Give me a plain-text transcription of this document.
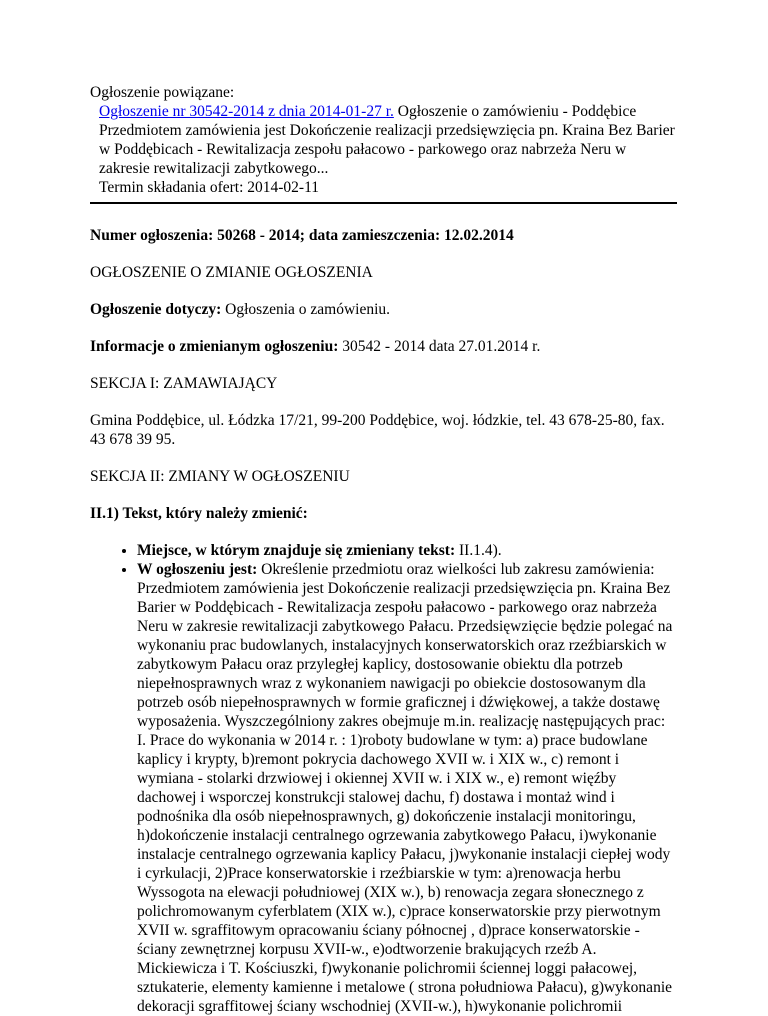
Ogłoszenie powiązane:
Ogłoszenie nr 30542-2014 z dnia 2014-01-27 r. Ogłoszenie o zamówieniu - Poddębice
Przedmiotem zamówienia jest Dokończenie realizacji przedsięwzięcia pn. Kraina Bez Barier w Poddębicach - Rewitalizacja zespołu pałacowo - parkowego oraz nabrzeża Neru w zakresie rewitalizacji zabytkowego...
Termin składania ofert: 2014-02-11

Numer ogłoszenia: 50268 - 2014; data zamieszczenia: 12.02.2014

OGŁOSZENIE O ZMIANIE OGŁOSZENIA

Ogłoszenie dotyczy: Ogłoszenia o zamówieniu.

Informacje o zmienianym ogłoszeniu: 30542 - 2014 data 27.01.2014 r.

SEKCJA I: ZAMAWIAJĄCY

Gmina Poddębice, ul. Łódzka 17/21, 99-200 Poddębice, woj. łódzkie, tel. 43 678-25-80, fax. 43 678 39 95.

SEKCJA II: ZMIANY W OGŁOSZENIU

II.1) Tekst, który należy zmienić:

• Miejsce, w którym znajduje się zmieniany tekst: II.1.4).
• W ogłoszeniu jest: Określenie przedmiotu oraz wielkości lub zakresu zamówienia: Przedmiotem zamówienia jest Dokończenie realizacji przedsięwzięcia pn. Kraina Bez Barier w Poddębicach - Rewitalizacja zespołu pałacowo - parkowego oraz nabrzeża Neru w zakresie rewitalizacji zabytkowego Pałacu. Przedsięwzięcie będzie polegać na wykonaniu prac budowlanych, instalacyjnych konserwatorskich oraz rzeźbiarskich w zabytkowym Pałacu oraz przyległej kaplicy, dostosowanie obiektu dla potrzeb niepełnosprawnych wraz z wykonaniem nawigacji po obiekcie dostosowanym dla potrzeb osób niepełnosprawnych w formie graficznej i dźwiękowej, a także dostawę wyposażenia. Wyszczególniony zakres obejmuje m.in. realizację następujących prac: I. Prace do wykonania w 2014 r. : 1)roboty budowlane w tym: a) prace budowlane kaplicy i krypty, b)remont pokrycia dachowego XVII w. i XIX w., c) remont i wymiana - stolarki drzwiowej i okiennej XVII w. i XIX w., e) remont więźby dachowej i wsporczej konstrukcji stalowej dachu, f) dostawa i montaż wind i podnośnika dla osób niepełnosprawnych, g) dokończenie instalacji monitoringu, h)dokończenie instalacji centralnego ogrzewania zabytkowego Pałacu, i)wykonanie instalacje centralnego ogrzewania kaplicy Pałacu, j)wykonanie instalacji ciepłej wody i cyrkulacji, 2)Prace konserwatorskie i rzeźbiarskie w tym: a)renowacja herbu Wyssogota na elewacji południowej (XIX w.), b) renowacja zegara słonecznego z polichromowanym cyferblatem (XIX w.), c)prace konserwatorskie przy pierwotnym XVII w. sgraffitowym opracowaniu ściany północnej , d)prace konserwatorskie - ściany zewnętrznej korpusu XVII-w., e)odtworzenie brakujących rzeźb A. Mickiewicza i T. Kościuszki, f)wykonanie polichromii ściennej loggi pałacowej, sztukaterie, elementy kamienne i metalowe ( strona południowa Pałacu), g)wykonanie dekoracji sgraffitowej ściany wschodniej (XVII-w.), h)wykonanie polichromii
